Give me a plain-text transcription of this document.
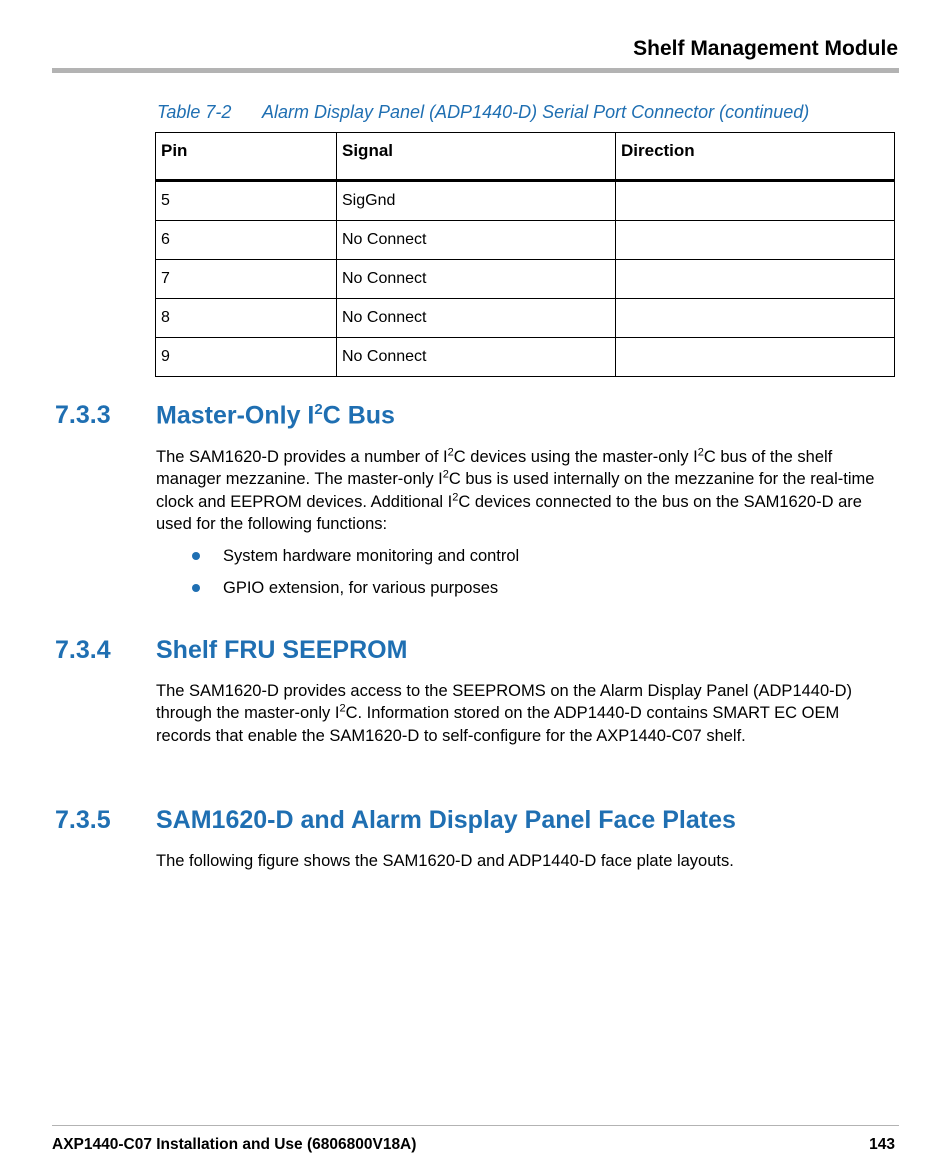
Shelf Management Module
Table 7-2 Alarm Display Panel (ADP1440-D) Serial Port Connector (continued)
Pin	Signal	Direction
5	SigGnd	
6	No Connect	
7	No Connect	
8	No Connect	
9	No Connect	
7.3.3 Master-Only $I^2C$ Bus
The SAM1620-D provides a number of $I^2C$ devices using the master-only $I^2C$ bus of the shelf manager mezzanine. The master-only $I^2C$ bus is used internally on the mezzanine for the real-time clock and EEPROM devices. Additional $I^2C$ devices connected to the bus on the SAM1620-D are used for the following functions:
System hardware monitoring and control
GPIO extension, for various purposes
7.3.4 Shelf FRU SEEPROM
The SAM1620-D provides access to the SEEPROMS on the Alarm Display Panel (ADP1440-D) through the master-only $I^2C$. Information stored on the ADP1440-D contains SMART EC OEM records that enable the SAM1620-D to self-configure for the AXP1440-C07 shelf.
7.3.5 SAM1620-D and Alarm Display Panel Face Plates
The following figure shows the SAM1620-D and ADP1440-D face plate layouts.
AXP1440-C07 Installation and Use (6806800V18A)	143
